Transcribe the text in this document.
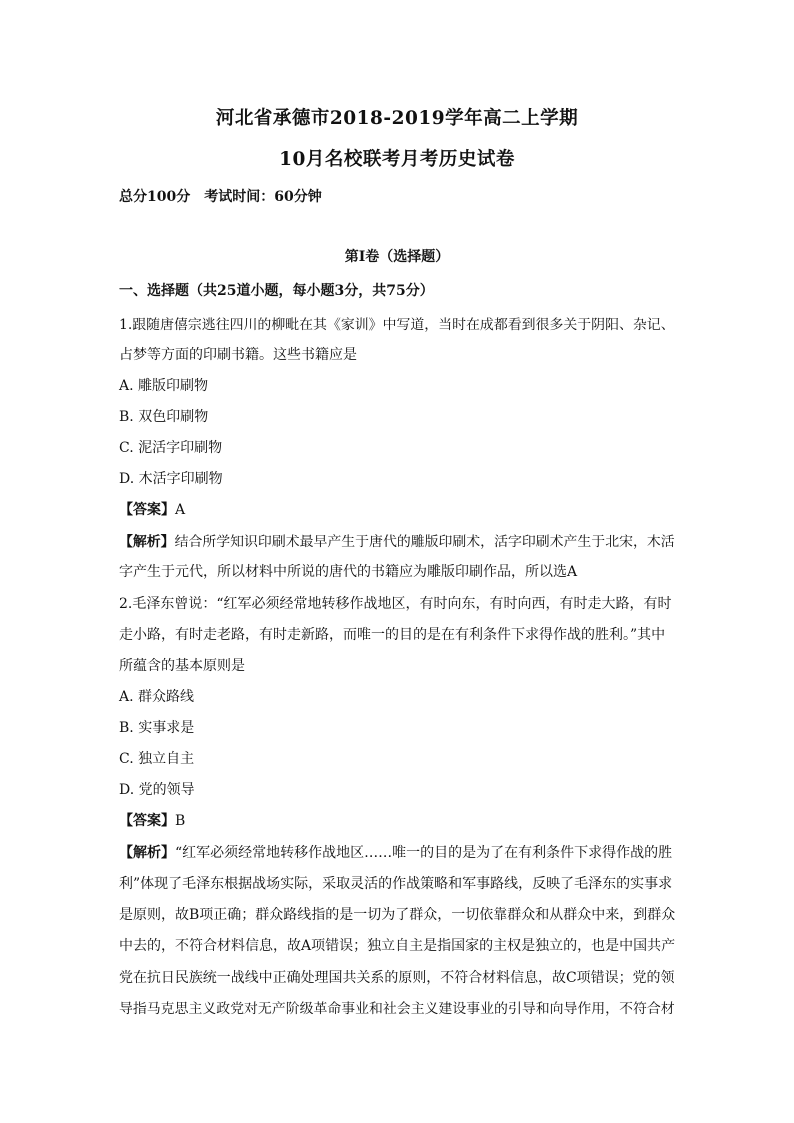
河北省承德市2018-2019学年高二上学期
10月名校联考月考历史试卷
总分100分 考试时间：60分钟
第Ⅰ卷（选择题）
一、选择题（共25道小题，每小题3分，共75分）
1.跟随唐僖宗逃往四川的柳毗在其《家训》中写道，当时在成都看到很多关于阴阳、杂记、
占梦等方面的印刷书籍。这些书籍应是
A. 雕版印刷物
B. 双色印刷物
C. 泥活字印刷物
D. 木活字印刷物
【答案】A
【解析】结合所学知识印刷术最早产生于唐代的雕版印刷术，活字印刷术产生于北宋，木活
字产生于元代，所以材料中所说的唐代的书籍应为雕版印刷作品，所以选A
2.毛泽东曾说：“红军必须经常地转移作战地区，有时向东，有时向西，有时走大路，有时
走小路，有时走老路，有时走新路，而唯一的目的是在有利条件下求得作战的胜利。”其中
所蕴含的基本原则是
A. 群众路线
B. 实事求是
C. 独立自主
D. 党的领导
【答案】B
【解析】“红军必须经常地转移作战地区……唯一的目的是为了在有利条件下求得作战的胜
利”体现了毛泽东根据战场实际，采取灵活的作战策略和军事路线，反映了毛泽东的实事求
是原则，故B项正确；群众路线指的是一切为了群众，一切依靠群众和从群众中来，到群众
中去的，不符合材料信息，故A项错误；独立自主是指国家的主权是独立的，也是中国共产
党在抗日民族统一战线中正确处理国共关系的原则，不符合材料信息，故C项错误；党的领
导指马克思主义政党对无产阶级革命事业和社会主义建设事业的引导和向导作用，不符合材
